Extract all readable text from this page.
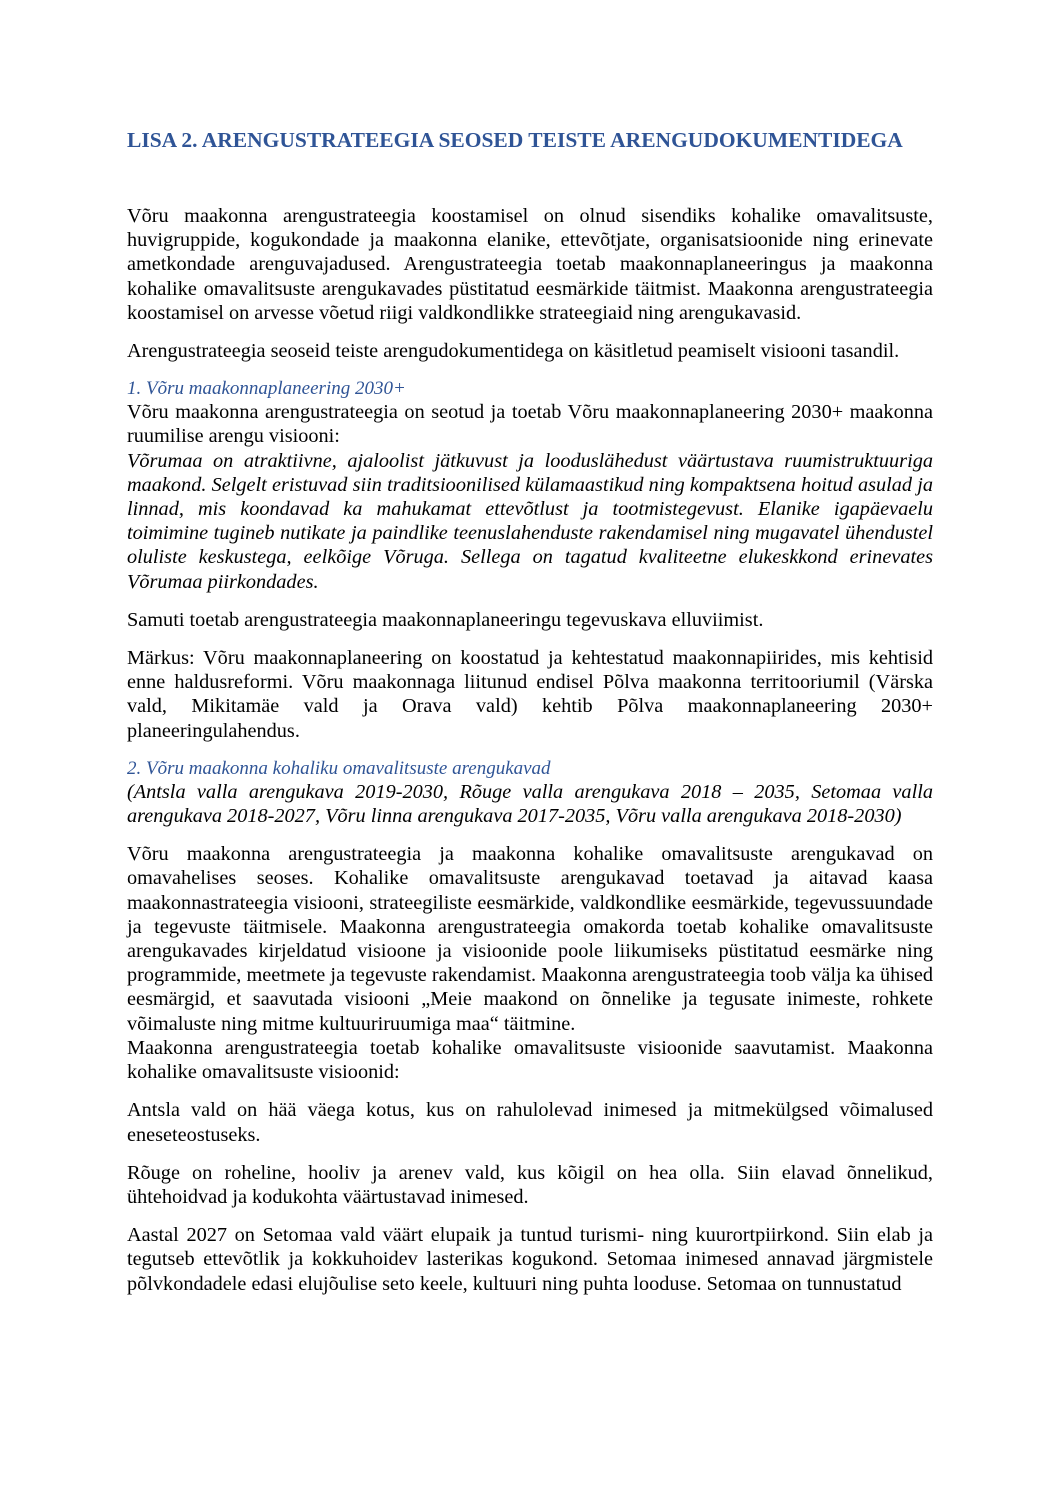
LISA 2. ARENGUSTRATEEGIA SEOSED TEISTE ARENGUDOKUMENTIDEGA

Võru maakonna arengustrateegia koostamisel on olnud sisendiks kohalike omavalitsuste, huvigruppide, kogukondade ja maakonna elanike, ettevõtjate, organisatsioonide ning erinevate ametkondade arenguvajadused. Arengustrateegia toetab maakonnaplaneeringus ja maakonna kohalike omavalitsuste arengukavades püstitatud eesmärkide täitmist. Maakonna arengustrateegia koostamisel on arvesse võetud riigi valdkondlikke strateegiaid ning arengukavasid.

Arengustrateegia seoseid teiste arengudokumentidega on käsitletud peamiselt visiooni tasandil.

1. Võru maakonnaplaneering 2030+

Võru maakonna arengustrateegia on seotud ja toetab Võru maakonnaplaneering 2030+ maakonna ruumilise arengu visiooni:

Võrumaa on atraktiivne, ajaloolist jätkuvust ja looduslähedust väärtustava ruumistruktuuriga maakond. Selgelt eristuvad siin traditsioonilised külamaastikud ning kompaktsena hoitud asulad ja linnad, mis koondavad ka mahukamat ettevõtlust ja tootmistegevust. Elanike igapäevaelu toimimine tugineb nutikate ja paindlike teenuslahenduste rakendamisel ning mugavatel ühendustel oluliste keskustega, eelkõige Võruga. Sellega on tagatud kvaliteetne elukeskkond erinevates Võrumaa piirkondades.

Samuti toetab arengustrateegia maakonnaplaneeringu tegevuskava elluviimist.

Märkus: Võru maakonnaplaneering on koostatud ja kehtestatud maakonnapiirides, mis kehtisid enne haldusreformi. Võru maakonnaga liitunud endisel Põlva maakonna territooriumil (Värska vald, Mikitamäe vald ja Orava vald) kehtib Põlva maakonnaplaneering 2030+ planeeringulahendus.

2. Võru maakonna kohaliku omavalitsuste arengukavad

(Antsla valla arengukava 2019-2030, Rõuge valla arengukava 2018 – 2035, Setomaa valla arengukava 2018-2027, Võru linna arengukava 2017-2035, Võru valla arengukava 2018-2030)

Võru maakonna arengustrateegia ja maakonna kohalike omavalitsuste arengukavad on omavahelises seoses. Kohalike omavalitsuste arengukavad toetavad ja aitavad kaasa maakonnastrateegia visiooni, strateegiliste eesmärkide, valdkondlike eesmärkide, tegevussuundade ja tegevuste täitmisele. Maakonna arengustrateegia omakorda toetab kohalike omavalitsuste arengukavades kirjeldatud visioone ja visioonide poole liikumiseks püstitatud eesmärke ning programmide, meetmete ja tegevuste rakendamist. Maakonna arengustrateegia toob välja ka ühised eesmärgid, et saavutada visiooni „Meie maakond on õnnelike ja tegusate inimeste, rohkete võimaluste ning mitme kultuuriruumiga maa“ täitmine.

Maakonna arengustrateegia toetab kohalike omavalitsuste visioonide saavutamist. Maakonna kohalike omavalitsuste visioonid:

Antsla vald on hää väega kotus, kus on rahulolevad inimesed ja mitmekülgsed võimalused eneseteostuseks.

Rõuge on roheline, hooliv ja arenev vald, kus kõigil on hea olla. Siin elavad õnnelikud, ühtehoidvad ja kodukohta väärtustavad inimesed.

Aastal 2027 on Setomaa vald väärt elupaik ja tuntud turismi- ning kuurortpiirkond. Siin elab ja tegutseb ettevõtlik ja kokkuhoidev lasterikas kogukond. Setomaa inimesed annavad järgmistele põlvkondadele edasi elujõulise seto keele, kultuuri ning puhta looduse. Setomaa on tunnustatud
